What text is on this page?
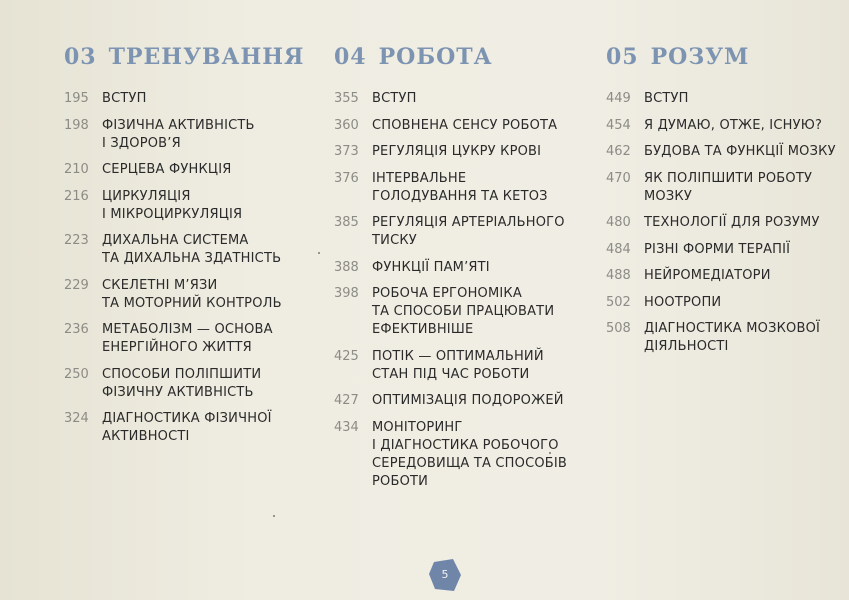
03 ТРЕНУВАННЯ
195	ВСТУП
198	ФІЗИЧНА АКТИВНІСТЬ
І ЗДОРОВ’Я
210	СЕРЦЕВА ФУНКЦІЯ
216	ЦИРКУЛЯЦІЯ
І МІКРОЦИРКУЛЯЦІЯ
223	ДИХАЛЬНА СИСТЕМА
ТА ДИХАЛЬНА ЗДАТНІСТЬ
229	СКЕЛЕТНІ М’ЯЗИ
ТА МОТОРНИЙ КОНТРОЛЬ
236	МЕТАБОЛІЗМ — ОСНОВА
ЕНЕРГІЙНОГО ЖИТТЯ
250	СПОСОБИ ПОЛІПШИТИ
ФІЗИЧНУ АКТИВНІСТЬ
324	ДІАГНОСТИКА ФІЗИЧНОЇ
АКТИВНОСТІ
04 РОБОТА
355	ВСТУП
360	СПОВНЕНА СЕНСУ РОБОТА
373	РЕГУЛЯЦІЯ ЦУКРУ КРОВІ
376	ІНТЕРВАЛЬНЕ
ГОЛОДУВАННЯ ТА КЕТОЗ
385	РЕГУЛЯЦІЯ АРТЕРІАЛЬНОГО
ТИСКУ
388	ФУНКЦІЇ ПАМ’ЯТІ
398	РОБОЧА ЕРГОНОМІКА
ТА СПОСОБИ ПРАЦЮВАТИ
ЕФЕКТИВНІШЕ
425	ПОТІК — ОПТИМАЛЬНИЙ
СТАН ПІД ЧАС РОБОТИ
427	ОПТИМІЗАЦІЯ ПОДОРОЖЕЙ
434	МОНІТОРИНГ
І ДІАГНОСТИКА РОБОЧОГО
СЕРЕДОВИЩА ТА СПОСОБІВ
РОБОТИ
05 РОЗУМ
449	ВСТУП
454	Я ДУМАЮ, ОТЖЕ, ІСНУЮ?
462	БУДОВА ТА ФУНКЦІЇ МОЗКУ
470	ЯК ПОЛІПШИТИ РОБОТУ
МОЗКУ
480	ТЕХНОЛОГІЇ ДЛЯ РОЗУМУ
484	РІЗНІ ФОРМИ ТЕРАПІЇ
488	НЕЙРОМЕДІАТОРИ
502	НООТРОПИ
508	ДІАГНОСТИКА МОЗКОВОЇ
ДІЯЛЬНОСТІ
5
